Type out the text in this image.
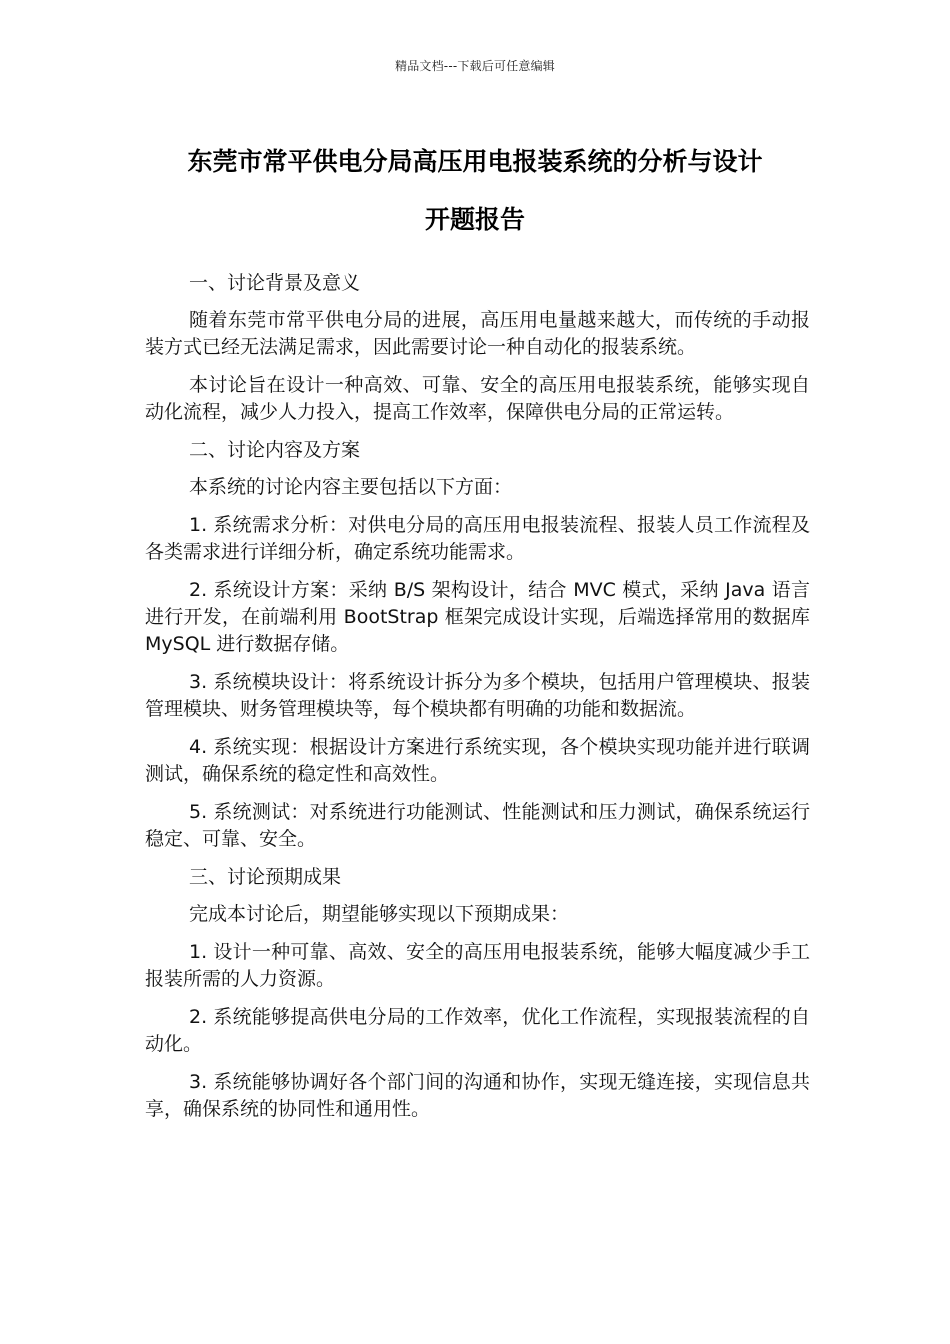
精品文档---下载后可任意编辑
东莞市常平供电分局高压用电报装系统的分析与设计
开题报告

一、讨论背景及意义

随着东莞市常平供电分局的进展，高压用电量越来越大，而传统的手动报装方式已经无法满足需求，因此需要讨论一种自动化的报装系统。

本讨论旨在设计一种高效、可靠、安全的高压用电报装系统，能够实现自动化流程，减少人力投入，提高工作效率，保障供电分局的正常运转。

二、讨论内容及方案

本系统的讨论内容主要包括以下方面：

1. 系统需求分析：对供电分局的高压用电报装流程、报装人员工作流程及各类需求进行详细分析，确定系统功能需求。

2. 系统设计方案：采纳 B/S 架构设计，结合 MVC 模式，采纳 Java 语言进行开发，在前端利用 BootStrap 框架完成设计实现，后端选择常用的数据库 MySQL 进行数据存储。

3. 系统模块设计：将系统设计拆分为多个模块，包括用户管理模块、报装管理模块、财务管理模块等，每个模块都有明确的功能和数据流。

4. 系统实现：根据设计方案进行系统实现，各个模块实现功能并进行联调测试，确保系统的稳定性和高效性。

5. 系统测试：对系统进行功能测试、性能测试和压力测试，确保系统运行稳定、可靠、安全。

三、讨论预期成果

完成本讨论后，期望能够实现以下预期成果：

1. 设计一种可靠、高效、安全的高压用电报装系统，能够大幅度减少手工报装所需的人力资源。

2. 系统能够提高供电分局的工作效率，优化工作流程，实现报装流程的自动化。

3. 系统能够协调好各个部门间的沟通和协作，实现无缝连接，实现信息共享，确保系统的协同性和通用性。
